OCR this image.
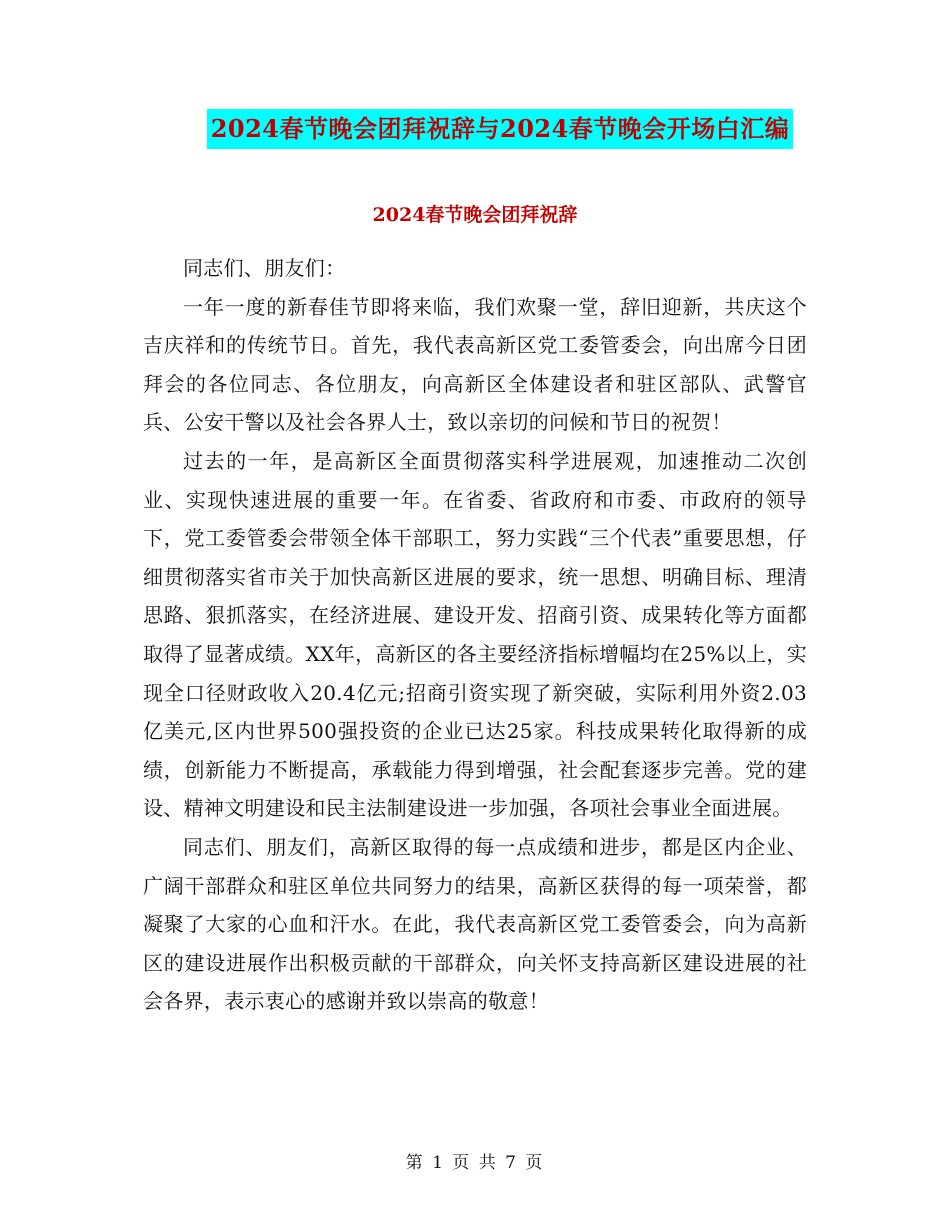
2024春节晚会团拜祝辞与2024春节晚会开场白汇编
2024春节晚会团拜祝辞

同志们、朋友们：

一年一度的新春佳节即将来临，我们欢聚一堂，辞旧迎新，共庆这个吉庆祥和的传统节日。首先，我代表高新区党工委管委会，向出席今日团拜会的各位同志、各位朋友，向高新区全体建设者和驻区部队、武警官兵、公安干警以及社会各界人士，致以亲切的问候和节日的祝贺！

过去的一年，是高新区全面贯彻落实科学进展观，加速推动二次创业、实现快速进展的重要一年。在省委、省政府和市委、市政府的领导下，党工委管委会带领全体干部职工，努力实践“三个代表”重要思想，仔细贯彻落实省市关于加快高新区进展的要求，统一思想、明确目标、理清思路、狠抓落实，在经济进展、建设开发、招商引资、成果转化等方面都取得了显著成绩。XX年，高新区的各主要经济指标增幅均在25%以上，实现全口径财政收入20.4亿元;招商引资实现了新突破，实际利用外资2.03亿美元,区内世界500强投资的企业已达25家。科技成果转化取得新的成绩，创新能力不断提高，承载能力得到增强，社会配套逐步完善。党的建设、精神文明建设和民主法制建设进一步加强，各项社会事业全面进展。

同志们、朋友们，高新区取得的每一点成绩和进步，都是区内企业、广阔干部群众和驻区单位共同努力的结果，高新区获得的每一项荣誉，都凝聚了大家的心血和汗水。在此，我代表高新区党工委管委会，向为高新区的建设进展作出积极贡献的干部群众，向关怀支持高新区建设进展的社会各界，表示衷心的感谢并致以崇高的敬意！

第 1 页 共 7 页
